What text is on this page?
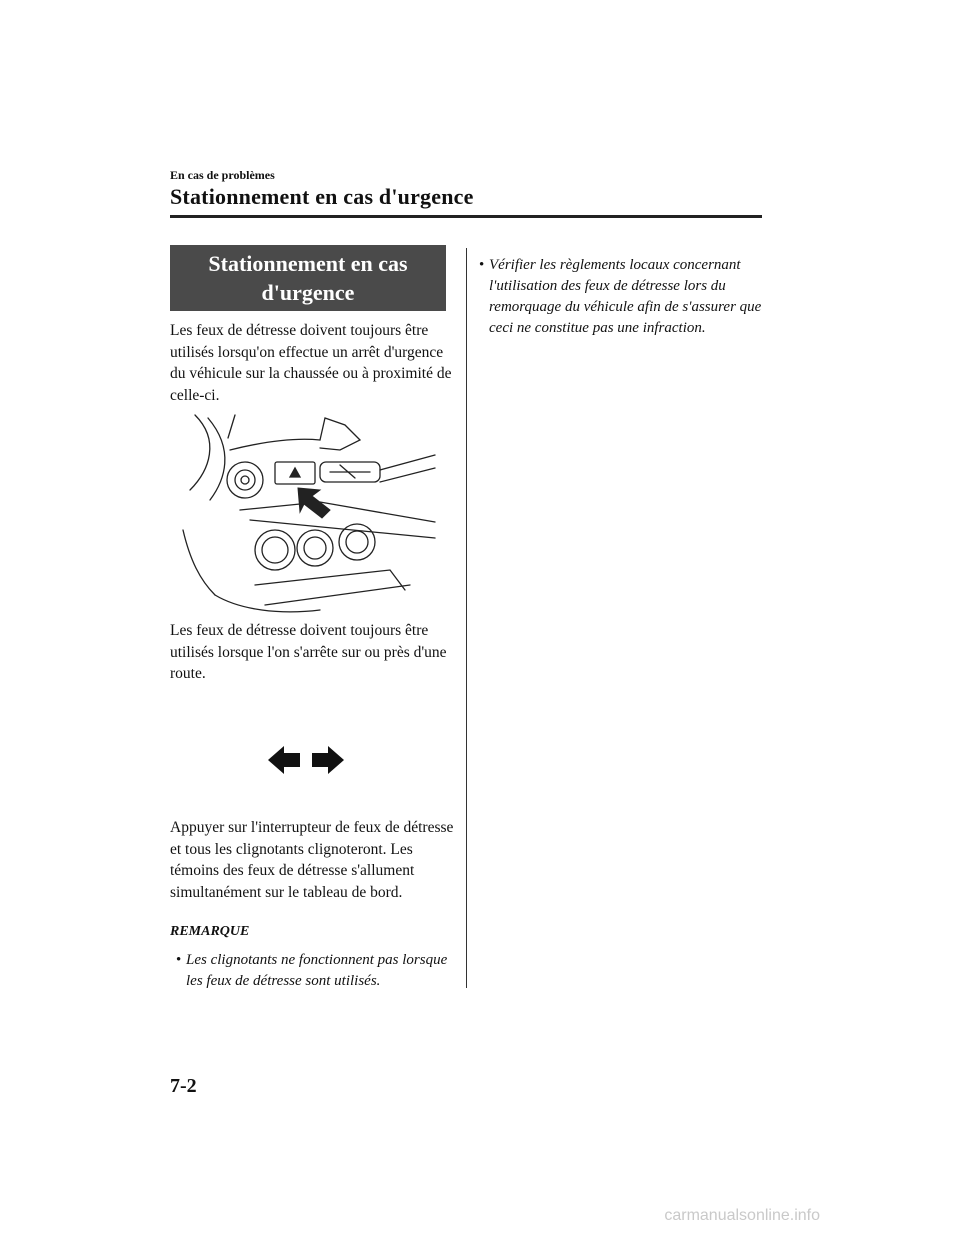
En cas de problèmes
Stationnement en cas d'urgence
Stationnement en cas
d'urgence
Les feux de détresse doivent toujours être utilisés lorsqu'on effectue un arrêt d'urgence du véhicule sur la chaussée ou à proximité de celle-ci.
Les feux de détresse doivent toujours être utilisés lorsque l'on s'arrête sur ou près d'une route.
Appuyer sur l'interrupteur de feux de détresse et tous les clignotants clignoteront. Les témoins des feux de détresse s'allument simultanément sur le tableau de bord.
REMARQUE
• Les clignotants ne fonctionnent pas lorsque les feux de détresse sont utilisés.
• Vérifier les règlements locaux concernant l'utilisation des feux de détresse lors du remorquage du véhicule afin de s'assurer que ceci ne constitue pas une infraction.
7-2
carmanualsonline.info
